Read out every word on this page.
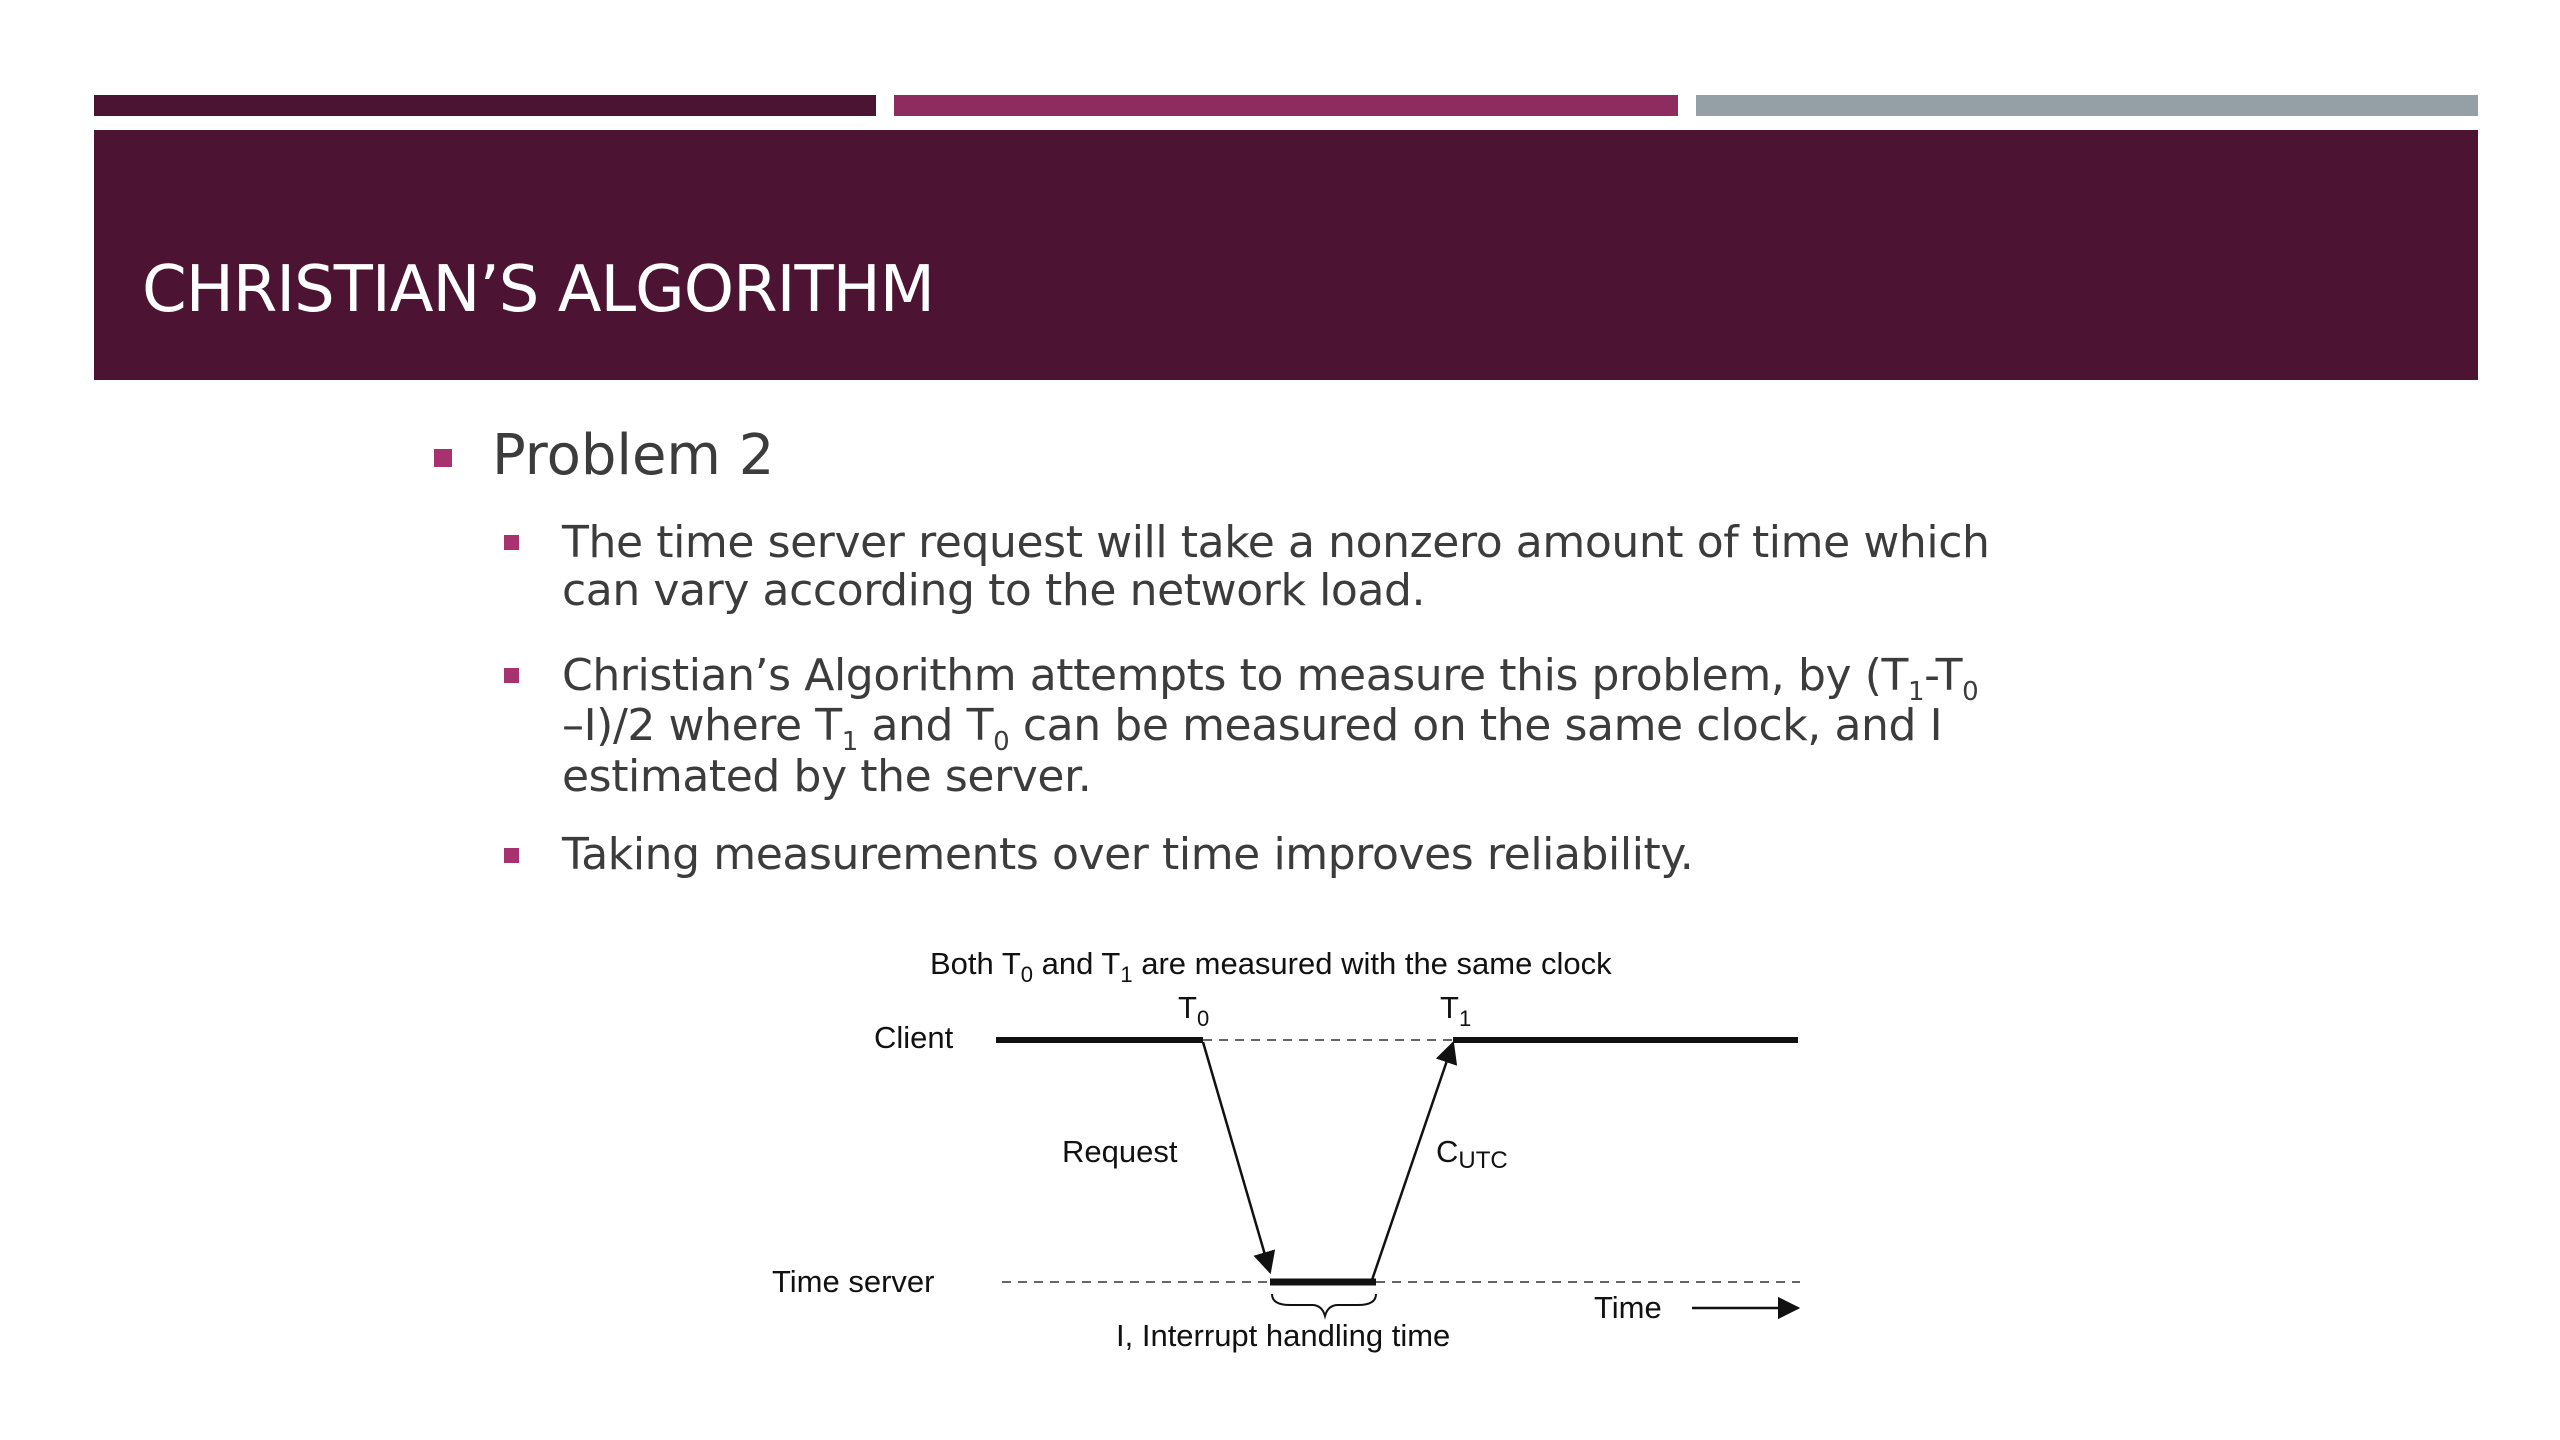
CHRISTIAN’S ALGORITHM
Problem 2
The time server request will take a nonzero amount of time which
can vary according to the network load.
Christian’s Algorithm attempts to measure this problem, by ($T_1-T_0$
–I)/2 where $T_1$ and $T_0$ can be measured on the same clock, and I
estimated by the server.
Taking measurements over time improves reliability.
Both $T_0$ and $T_1$ are measured with the same clock
Client
$T_0$	$T_1$
Request	CUTC
Time server
I, Interrupt handling time
Time
